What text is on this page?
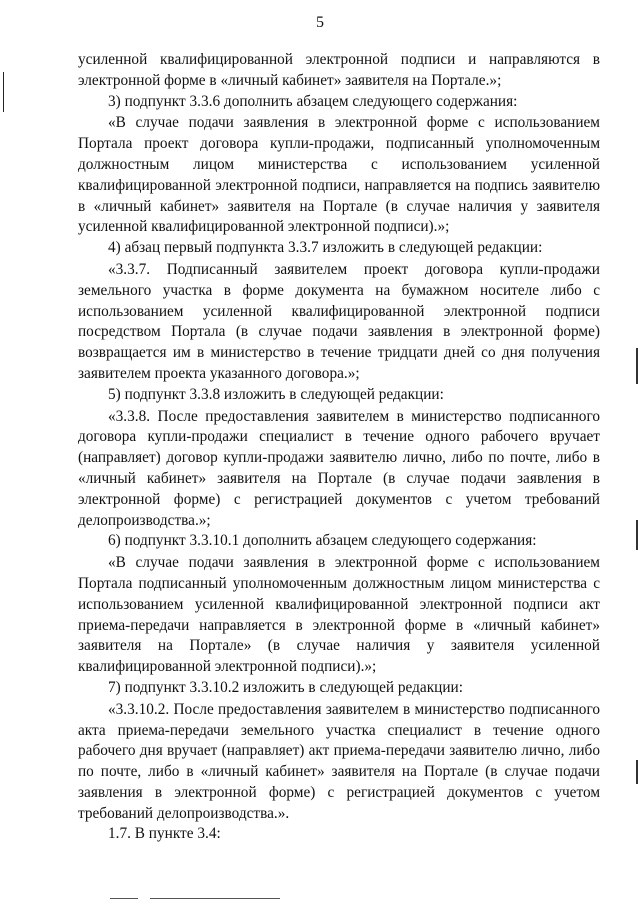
5

усиленной квалифицированной электронной подписи и направляются в электронной форме в «личный кабинет» заявителя на Портале.»;

3) подпункт 3.3.6 дополнить абзацем следующего содержания:

«В случае подачи заявления в электронной форме с использованием Портала проект договора купли-продажи, подписанный уполномоченным должностным лицом министерства с использованием усиленной квалифицированной электронной подписи, направляется на подпись заявителю в «личный кабинет» заявителя на Портале (в случае наличия у заявителя усиленной квалифицированной электронной подписи).»;

4) абзац первый подпункта 3.3.7 изложить в следующей редакции:

«3.3.7. Подписанный заявителем проект договора купли-продажи земельного участка в форме документа на бумажном носителе либо с использованием усиленной квалифицированной электронной подписи посредством Портала (в случае подачи заявления в электронной форме) возвращается им в министерство в течение тридцати дней со дня получения заявителем проекта указанного договора.»;

5) подпункт 3.3.8 изложить в следующей редакции:

«3.3.8. После предоставления заявителем в министерство подписанного договора купли-продажи специалист в течение одного рабочего вручает (направляет) договор купли-продажи заявителю лично, либо по почте, либо в «личный кабинет» заявителя на Портале (в случае подачи заявления в электронной форме) с регистрацией документов с учетом требований делопроизводства.»;

6) подпункт 3.3.10.1 дополнить абзацем следующего содержания:

«В случае подачи заявления в электронной форме с использованием Портала подписанный уполномоченным должностным лицом министерства с использованием усиленной квалифицированной электронной подписи акт приема-передачи направляется в электронной форме в «личный кабинет» заявителя на Портале» (в случае наличия у заявителя усиленной квалифицированной электронной подписи).»;

7) подпункт 3.3.10.2 изложить в следующей редакции:

«3.3.10.2. После предоставления заявителем в министерство подписанного акта приема-передачи земельного участка специалист в течение одного рабочего дня вручает (направляет) акт приема-передачи заявителю лично, либо по почте, либо в «личный кабинет» заявителя на Портале (в случае подачи заявления в электронной форме) с регистрацией документов с учетом требований делопроизводства.».

1.7. В пункте 3.4:
